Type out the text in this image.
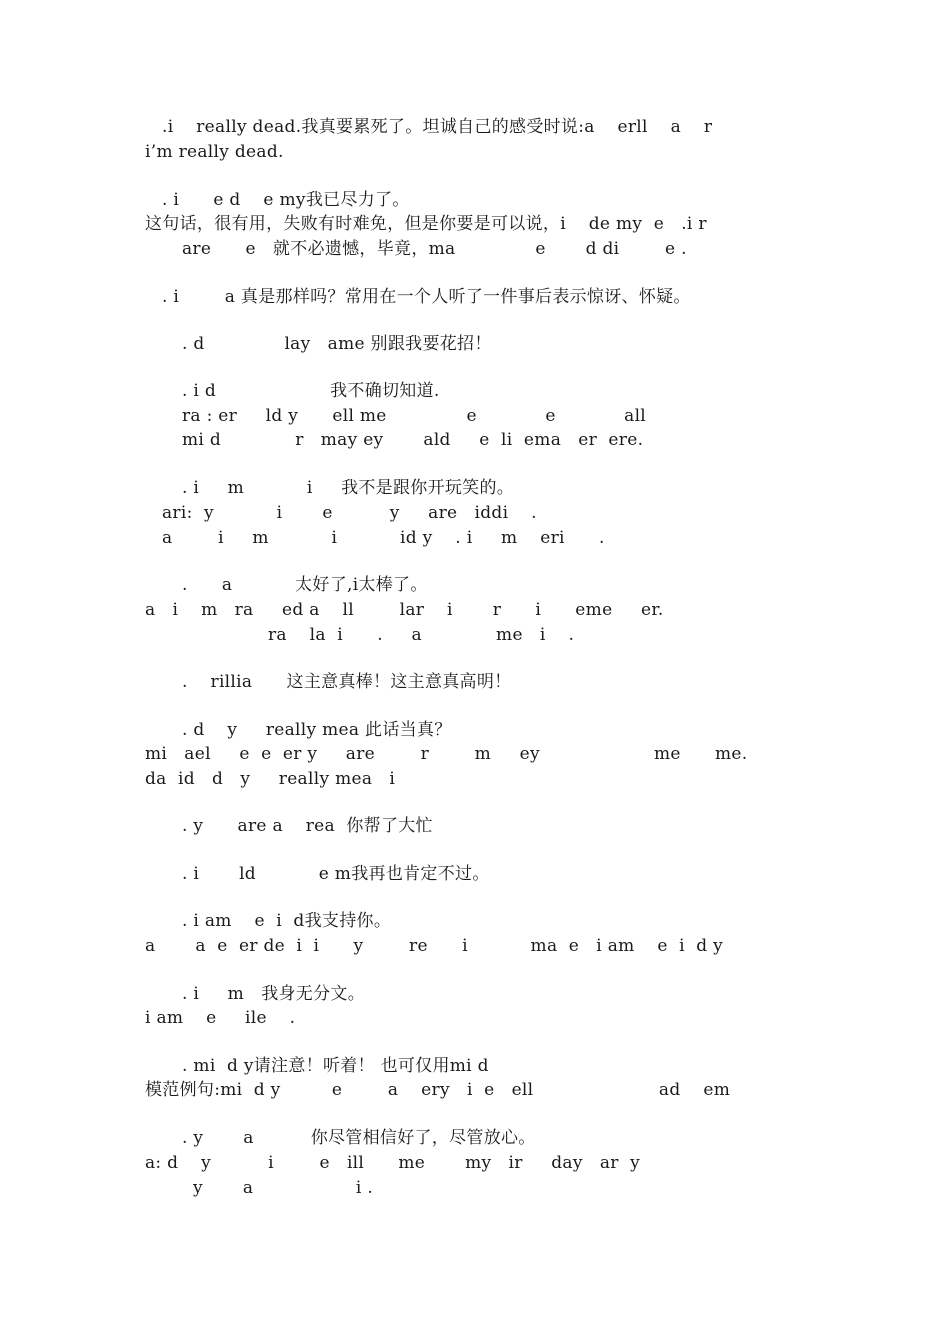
.i    really dead.我真要累死了。坦诚自己的感受时说:a    erll    a    r
i’m really dead.
. i      e d    e my我已尽力了。
这句话，很有用，失败有时难免，但是你要是可以说，i    de my  e   .i r
are      e   就不必遗憾，毕竟，ma              e       d di        e .
. i        a 真是那样吗？常用在一个人听了一件事后表示惊讶、怀疑。
. d              lay   ame 别跟我要花招！
. i d                    我不确切知道.
ra : er     ld y      ell me              e            e            all
mi d             r   may ey       ald     e  li  ema   er  ere.
. i     m           i     我不是跟你开玩笑的。
ari:  y           i       e          y     are   iddi    .
a        i     m           i           id y    . i     m    eri      .
.      a           太好了,i太棒了。
a   i    m   ra     ed a    ll        lar    i       r      i      eme     er.
ra    la  i      .     a             me   i    .
.    rillia      这主意真棒！这主意真高明！
. d    y     really mea 此话当真？
mi   ael     e  e  er y     are        r        m     ey                    me      me.
da  id   d   y     really mea   i
. y      are a    rea  你帮了大忙
. i       ld           e m我再也肯定不过。
. i am    e  i  d我支持你。
a       a  e  er de  i  i      y        re      i           ma  e   i am    e  i  d y
. i     m   我身无分文。
i am    e     ile    .
. mi  d y请注意！听着！ 也可仅用mi d
模范例句:mi  d y         e        a    ery   i  e   ell                      ad    em
. y       a          你尽管相信好了，尽管放心。
a: d    y          i        e   ill      me       my   ir     day   ar  y
y       a                  i .
